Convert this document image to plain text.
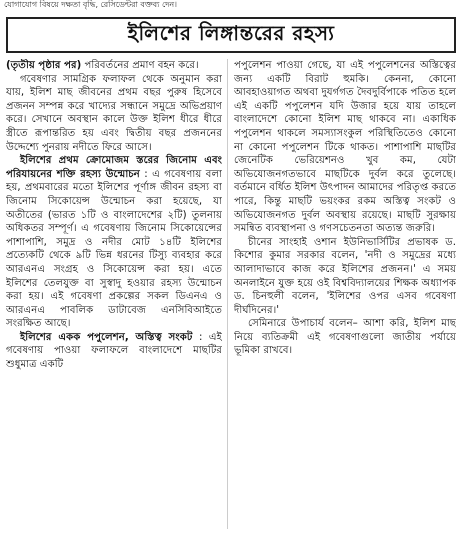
যোগাযোগ বিষয়ে দক্ষতা বৃদ্ধি, রেসিডেন্টরা বক্তব্য দেন।
ইলিশের লিঙ্গান্তরের রহস্য

(তৃতীয় পৃষ্ঠার পর) পরিবর্তনের প্রমাণ বহন করে।

গবেষণার সামগ্রিক ফলাফল থেকে অনুমান করা যায়, ইলিশ মাছ জীবনের প্রথম বছর পুরুষ হিসেবে প্রজনন সম্পন্ন করে খাদ্যের সন্ধানে সমুদ্রে অভিপ্রয়াণ করে। সেখানে অবস্থান কালে উক্ত ইলিশ ধীরে ধীরে স্ত্রীতে রূপান্তরিত হয় এবং দ্বিতীয় বছর প্রজননের উদ্দেশ্যে পুনরায় নদীতে ফিরে আসে।

ইলিশের প্রথম ক্রোমোজম স্তরের জিনোম এবং পরিযায়নের শক্তি রহস্য উন্মোচন : এ গবেষণায় বলা হয়, প্রথমবারের মতো ইলিশের পূর্ণাঙ্গ জীবন রহস্য বা জিনোম সিকোয়েন্স উন্মোচন করা হয়েছে, যা অতীতের (ভারত ১টি ও বাংলাদেশের ২টি) তুলনায় অধিকতর সম্পূর্ণ। এ গবেষণায় জিনোম সিকোয়েন্সের পাশাপাশি, সমুদ্র ও নদীর মোট ১৪টি ইলিশের প্রত্যেকটি থেকে ৯টি ভিন্ন ধরনের টিস্যু ব্যবহার করে আরএনএ সংগ্রহ ও সিকোয়েন্স করা হয়। এতে ইলিশের তেলযুক্ত বা সুস্বাদু হওয়ার রহস্য উন্মোচন করা হয়। এই গবেষণা প্রকল্পের সকল ডিএনএ ও আরএনএ পাবলিক ডাটাবেজ এনসিবিআইতে সংরক্ষিত আছে।

ইলিশের একক পপুলেশন, অস্তিত্ব সংকট : এই গবেষণায় পাওয়া ফলাফলে বাংলাদেশে মাছটির শুধুমাত্র একটি

পপুলেশন পাওয়া গেছে, যা এই পপুলেশনের অস্তিত্বের জন্য একটি বিরাট হুমকি। কেননা, কোনো আবহাওয়াগত অথবা দুযর্গগত দৈবদুর্বিপাকে পতিত হলে এই একটি পপুলেশন যদি উজার হয়ে যায় তাহলে বাংলাদেশে কোনো ইলিশ মাছ থাকবে না। একাধিক পপুলেশন থাকলে সমস্যাসংকুল পরিস্থিতিতেও কোনো না কোনো পপুলেশন টিকে থাকত। পাশাপাশি মাছটির জেনেটিক ভেরিয়েশনও খুব কম, যেটা অভিযোজনগতভাবে মাছটিকে দুর্বল করে তুলেছে। বর্তমানে বর্ধিত ইলিশ উৎপাদন আমাদের পরিতৃপ্ত করতে পারে, কিন্তু মাছটি ভয়ংকর রকম অস্তিত্ব সংকট ও অভিযোজনগত দুর্বল অবস্থায় রয়েছে। মাছটি সুরক্ষায় সমন্বিত ব্যবস্থাপনা ও গণসচেতনতা অত্যন্ত জরুরি।

চীনের সাংহাই ওশান ইউনিভার্সিটির প্রভাষক ড. কিশোর কুমার সরকার বলেন, 'নদী ও সমুদ্রের মধ্যে আলাদাভাবে কাজ করে ইলিশের প্রজনন।' এ সময় অনলাইনে যুক্ত হয়ে ওই বিশ্ববিদ্যালয়ের শিক্ষক অধ্যাপক ড. চিনহুলী বলেন, 'ইলিশের ওপর এসব গবেষণা দীর্ঘদিনের।'

সেমিনারে উপাচার্য বলেন– আশা করি, ইলিশ মাছ নিয়ে ব্যতিক্রমী এই গবেষণাগুলো জাতীয় পর্যায়ে ভূমিকা রাখবে।
